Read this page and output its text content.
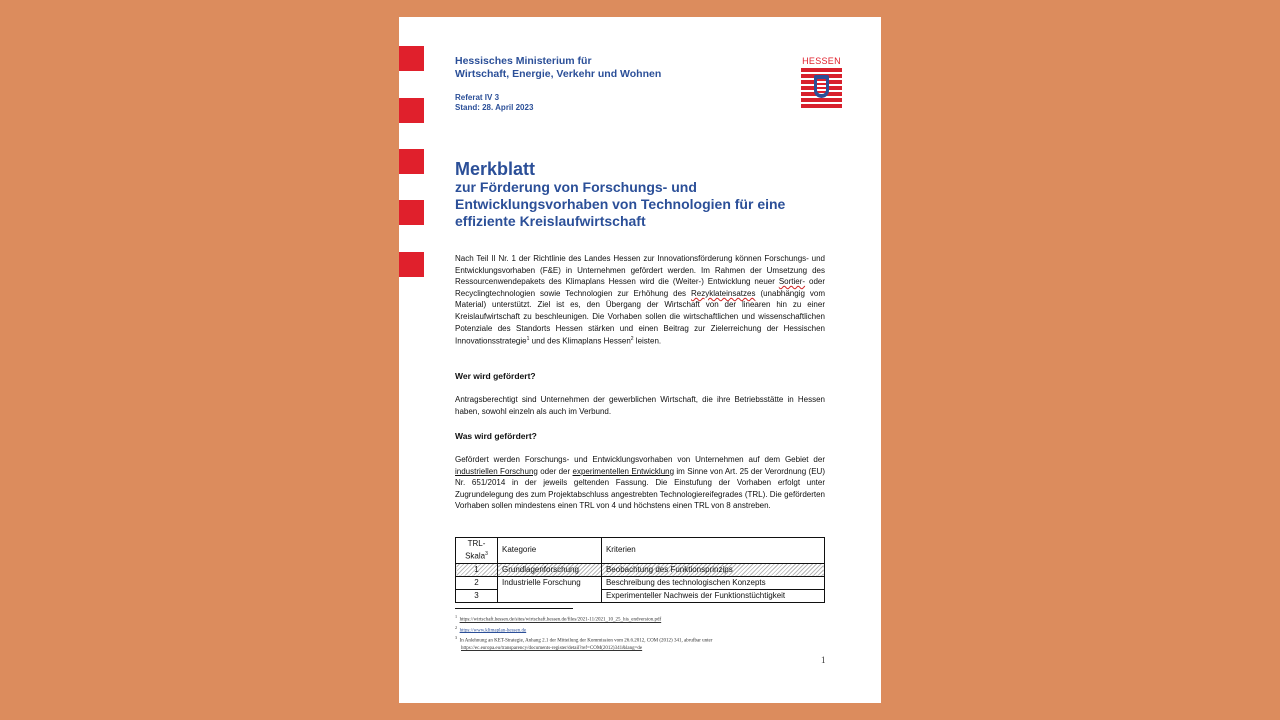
Hessisches Ministerium für
Wirtschaft, Energie, Verkehr und Wohnen
Referat IV 3
Stand: 28. April 2023
HESSEN
Merkblatt
zur Förderung von Forschungs- und
Entwicklungsvorhaben von Technologien für eine
effiziente Kreislaufwirtschaft
Nach Teil II Nr. 1 der Richtlinie des Landes Hessen zur Innovationsförderung können Forschungs- und Entwicklungsvorhaben (F&E) in Unternehmen gefördert werden. Im Rahmen der Umsetzung des Ressourcenwendepakets des Klimaplans Hessen wird die (Weiter-) Entwicklung neuer Sortier- oder Recyclingtechnologien sowie Technologien zur Erhöhung des Rezyklateinsatzes (unabhängig vom Material) unterstützt. Ziel ist es, den Übergang der Wirtschaft von der linearen hin zu einer Kreislaufwirtschaft zu beschleunigen. Die Vorhaben sollen die wirtschaftlichen und wissenschaftlichen Potenziale des Standorts Hessen stärken und einen Beitrag zur Zielerreichung der Hessischen Innovationsstrategie$^1$ und des Klimaplans Hessen$^2$ leisten.
Wer wird gefördert?
Antragsberechtigt sind Unternehmen der gewerblichen Wirtschaft, die ihre Betriebsstätte in Hessen haben, sowohl einzeln als auch im Verbund.
Was wird gefördert?
Gefördert werden Forschungs- und Entwicklungsvorhaben von Unternehmen auf dem Gebiet der industriellen Forschung oder der experimentellen Entwicklung im Sinne von Art. 25 der Verordnung (EU) Nr. 651/2014 in der jeweils geltenden Fassung. Die Einstufung der Vorhaben erfolgt unter Zugrundelegung des zum Projektabschluss angestrebten Technologiereifegrades (TRL). Die geförderten Vorhaben sollen mindestens einen TRL von 4 und höchstens einen TRL von 8 anstreben.
TRL-Skala$^3$	Kategorie	Kriterien
1	Grundlagenforschung	Beobachtung des Funktionsprinzips
2	Industrielle Forschung	Beschreibung des technologischen Konzepts
3		Experimenteller Nachweis der Funktionstüchtigkeit
$^1$  https://wirtschaft.hessen.de/sites/wirtschaft.hessen.de/files/2021-11/2021_10_25_his_endversion.pdf
$^2$  https://www.klimaplan-hessen.de
$^3$  In Anlehnung an KET-Strategie, Anhang 2.1 der Mitteilung der Kommission vom 26.6.2012, COM (2012) 341, abrufbar unter
https://ec.europa.eu/transparency/documents-register/detail?ref=COM(2012)341&lang=de
1
